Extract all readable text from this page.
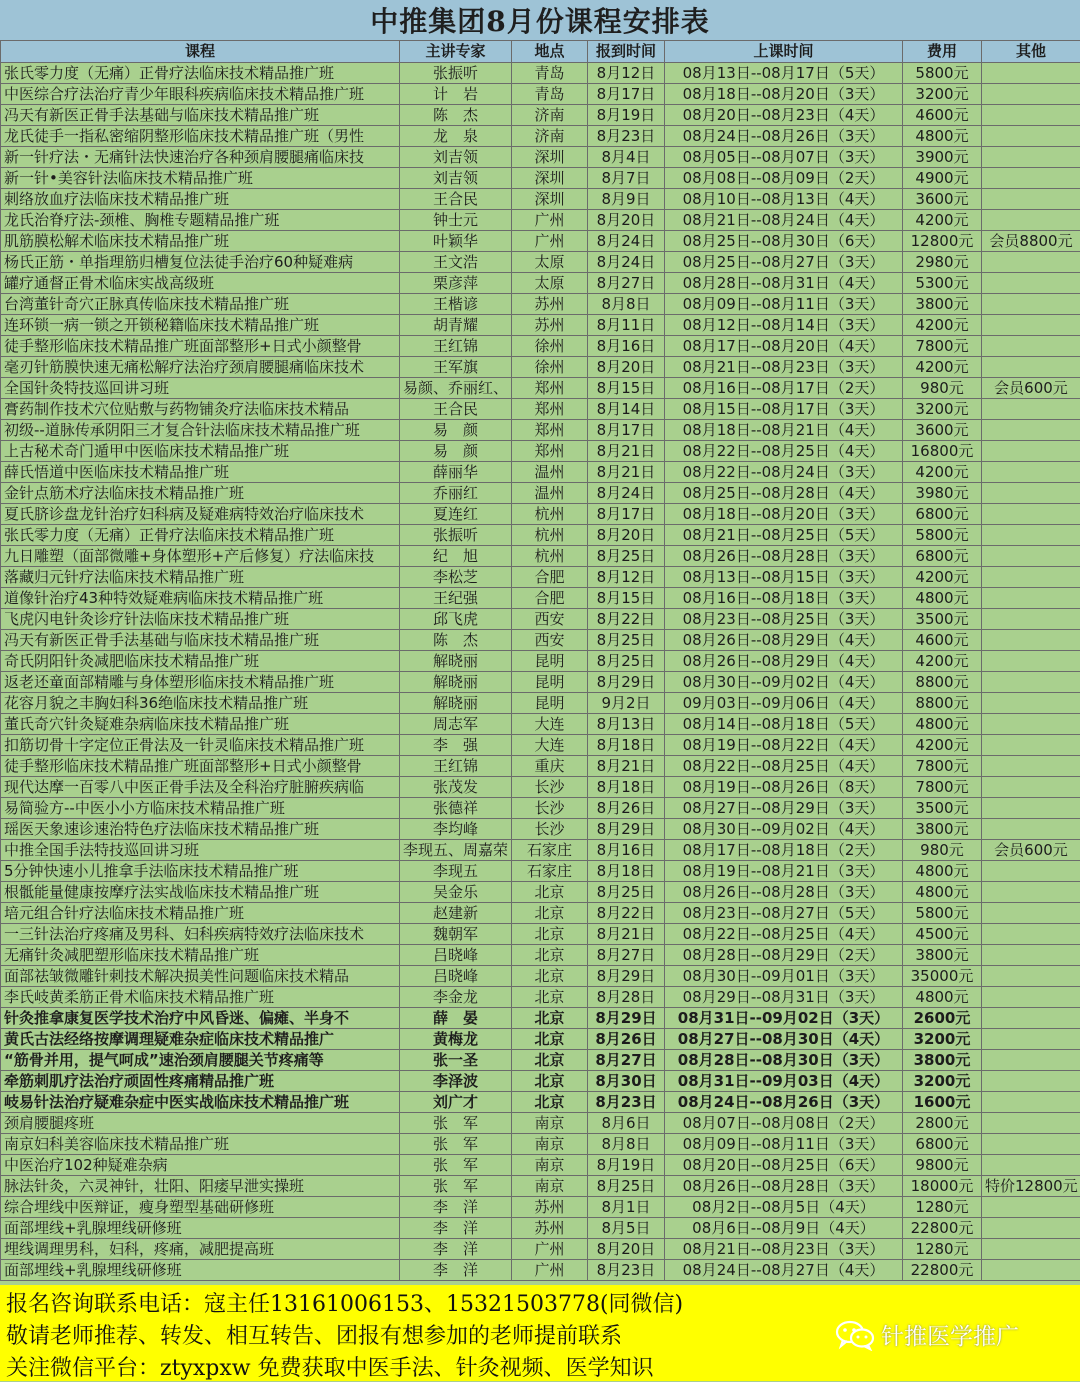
中推集团8月份课程安排表
课程	主讲专家	地点	报到时间	上课时间	费用	其他
张氏零力度（无痛）正骨疗法临床技术精品推广班	张振听	青岛	8月12日	08月13日--08月17日（5天）	5800元	
中医综合疗法治疗青少年眼科疾病临床技术精品推广班	计　岩	青岛	8月17日	08月18日--08月20日（3天）	3200元	
冯天有新医正骨手法基础与临床技术精品推广班	陈　杰	济南	8月19日	08月20日--08月23日（4天）	4600元	
龙氏徒手一指私密缩阴整形临床技术精品推广班（男性	龙　泉	济南	8月23日	08月24日--08月26日（3天）	4800元	
新一针疗法・无痛针法快速治疗各种颈肩腰腿痛临床技	刘吉领	深圳	8月4日	08月05日--08月07日（3天）	3900元	
新一针•美容针法临床技术精品推广班	刘吉领	深圳	8月7日	08月08日--08月09日（2天）	4900元	
刺络放血疗法临床技术精品推广班	王合民	深圳	8月9日	08月10日--08月13日（4天）	3600元	
龙氏治脊疗法-颈椎、胸椎专题精品推广班	钟士元	广州	8月20日	08月21日--08月24日（4天）	4200元	
肌筋膜松解术临床技术精品推广班	叶颖华	广州	8月24日	08月25日--08月30日（6天）	12800元	会员8800元
杨氏正筋・单指理筋归槽复位法徒手治疗60种疑难病	王文浩	太原	8月24日	08月25日--08月27日（3天）	2980元	
罐疗通督正骨术临床实战高级班	栗彦萍	太原	8月27日	08月28日--08月31日（4天）	5300元	
台湾董针奇穴正脉真传临床技术精品推广班	王楷谚	苏州	8月8日	08月09日--08月11日（3天）	3800元	
连环锁一病一锁之开锁秘籍临床技术精品推广班	胡青耀	苏州	8月11日	08月12日--08月14日（3天）	4200元	
徒手整形临床技术精品推广班面部整形+日式小颜整骨	王红锦	徐州	8月16日	08月17日--08月20日（4天）	7800元	
毫刃针筋膜快速无痛松解疗法治疗颈肩腰腿痛临床技术	王军旗	徐州	8月20日	08月21日--08月23日（3天）	4200元	
全国针灸特技巡回讲习班	易颜、乔丽红、	郑州	8月15日	08月16日--08月17日（2天）	980元	会员600元
膏药制作技术穴位贴敷与药物铺灸疗法临床技术精品	王合民	郑州	8月14日	08月15日--08月17日（3天）	3200元	
初级--道脉传承阴阳三才复合针法临床技术精品推广班	易　颜	郑州	8月17日	08月18日--08月21日（4天）	3600元	
上古秘术奇门遁甲中医临床技术精品推广班	易　颜	郑州	8月21日	08月22日--08月25日（4天）	16800元	
薛氏悟道中医临床技术精品推广班	薛丽华	温州	8月21日	08月22日--08月24日（3天）	4200元	
金针点筋术疗法临床技术精品推广班	乔丽红	温州	8月24日	08月25日--08月28日（4天）	3980元	
夏氏脐诊盘龙针治疗妇科病及疑难病特效治疗临床技术	夏连红	杭州	8月17日	08月18日--08月20日（3天）	6800元	
张氏零力度（无痛）正骨疗法临床技术精品推广班	张振听	杭州	8月20日	08月21日--08月25日（5天）	5800元	
九日雕塑（面部微雕+身体塑形+产后修复）疗法临床技	纪　旭	杭州	8月25日	08月26日--08月28日（3天）	6800元	
落藏归元针疗法临床技术精品推广班	李松芝	合肥	8月12日	08月13日--08月15日（3天）	4200元	
道像针治疗43种特效疑难病临床技术精品推广班	王纪强	合肥	8月15日	08月16日--08月18日（3天）	4800元	
飞虎闪电针灸诊疗针法临床技术精品推广班	邱飞虎	西安	8月22日	08月23日--08月25日（3天）	3500元	
冯天有新医正骨手法基础与临床技术精品推广班	陈　杰	西安	8月25日	08月26日--08月29日（4天）	4600元	
奇氏阴阳针灸减肥临床技术精品推广班	解晓丽	昆明	8月25日	08月26日--08月29日（4天）	4200元	
返老还童面部精雕与身体塑形临床技术精品推广班	解晓丽	昆明	8月29日	08月30日--09月02日（4天）	8800元	
花容月貌之丰胸妇科36绝临床技术精品推广班	解晓丽	昆明	9月2日	09月03日--09月06日（4天）	8800元	
董氏奇穴针灸疑难杂病临床技术精品推广班	周志军	大连	8月13日	08月14日--08月18日（5天）	4800元	
扣筋切骨十字定位正骨法及一针灵临床技术精品推广班	李　强	大连	8月18日	08月19日--08月22日（4天）	4200元	
徒手整形临床技术精品推广班面部整形+日式小颜整骨	王红锦	重庆	8月21日	08月22日--08月25日（4天）	7800元	
现代达摩一百零八中医正骨手法及全科治疗脏腑疾病临	张茂发	长沙	8月18日	08月19日--08月26日（8天）	7800元	
易简验方--中医小小方临床技术精品推广班	张德祥	长沙	8月26日	08月27日--08月29日（3天）	3500元	
瑶医天象速诊速治特色疗法临床技术精品推广班	李均峰	长沙	8月29日	08月30日--09月02日（4天）	3800元	
中推全国手法特技巡回讲习班	李现五、周嘉荣	石家庄	8月16日	08月17日--08月18日（2天）	980元	会员600元
5分钟快速小儿推拿手法临床技术精品推广班	李现五	石家庄	8月18日	08月19日--08月21日（3天）	4800元	
根骶能量健康按摩疗法实战临床技术精品推广班	吴金乐	北京	8月25日	08月26日--08月28日（3天）	4800元	
培元组合针疗法临床技术精品推广班	赵建新	北京	8月22日	08月23日--08月27日（5天）	5800元	
一三针法治疗疼痛及男科、妇科疾病特效疗法临床技术	魏朝军	北京	8月21日	08月22日--08月25日（4天）	4500元	
无痛针灸减肥塑形临床技术精品推广班	吕晓峰	北京	8月27日	08月28日--08月29日（2天）	3800元	
面部祛皱微雕针刺技术解决损美性问题临床技术精品	吕晓峰	北京	8月29日	08月30日--09月01日（3天）	35000元	
李氏岐黄柔筋正骨术临床技术精品推广班	李金龙	北京	8月28日	08月29日--08月31日（3天）	4800元	
针灸推拿康复医学技术治疗中风昏迷、偏瘫、半身不	薛　晏	北京	8月29日	08月31日--09月02日（3天）	2600元	
黄氏古法经络按摩调理疑难杂症临床技术精品推广	黄梅龙	北京	8月26日	08月27日--08月30日（4天）	3200元	
“筋骨并用，提气呵成”速治颈肩腰腿关节疼痛等	张一圣	北京	8月27日	08月28日--08月30日（3天）	3800元	
牵筋刺肌疗法治疗顽固性疼痛精品推广班	李泽波	北京	8月30日	08月31日--09月03日（4天）	3200元	
岐易针法治疗疑难杂症中医实战临床技术精品推广班	刘广才	北京	8月23日	08月24日--08月26日（3天）	1600元	
颈肩腰腿疼班	张　军	南京	8月6日	08月07日--08月08日（2天）	2800元	
南京妇科美容临床技术精品推广班	张　军	南京	8月8日	08月09日--08月11日（3天）	6800元	
中医治疗102种疑难杂病	张　军	南京	8月19日	08月20日--08月25日（6天）	9800元	
脉法针灸，六灵神针，壮阳、阳痿早泄实操班	张　军	南京	8月25日	08月26日--08月28日（3天）	18000元	特价12800元
综合埋线中医辩证，瘦身塑型基础研修班	李　洋	苏州	8月1日	08月2日--08月5日（4天）	1280元	
面部埋线+乳腺埋线研修班	李　洋	苏州	8月5日	08月6日--08月9日（4天）	22800元	
埋线调理男科，妇科，疼痛，减肥提高班	李　洋	广州	8月20日	08月21日--08月23日（3天）	1280元	
面部埋线+乳腺埋线研修班	李　洋	广州	8月23日	08月24日--08月27日（4天）	22800元	
报名咨询联系电话：寇主任13161006153、15321503778(同微信)
敬请老师推荐、转发、相互转告、团报有想参加的老师提前联系
关注微信平台：ztyxpxw 免费获取中医手法、针灸视频、医学知识
针推医学推广
